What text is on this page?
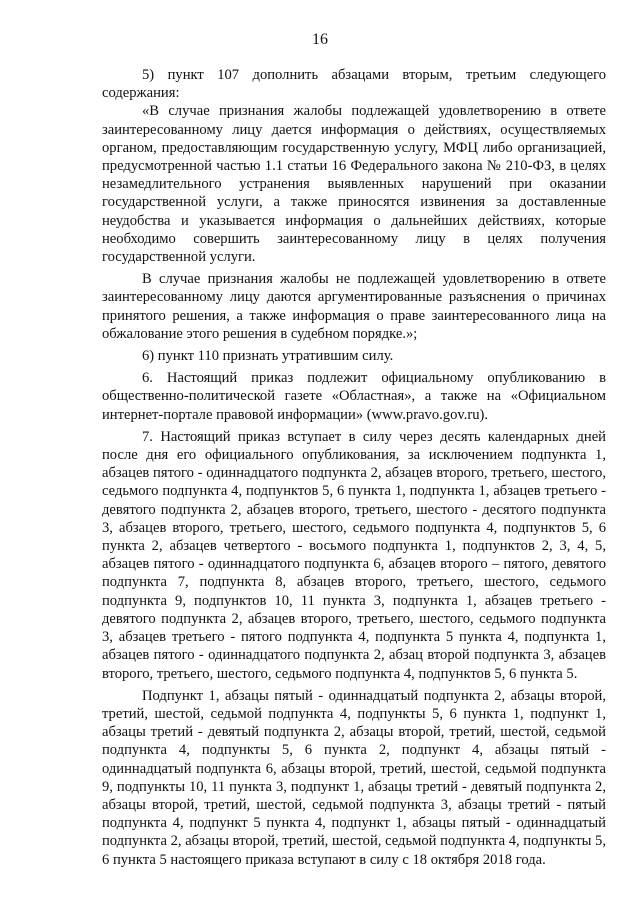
16

5) пункт 107 дополнить абзацами вторым, третьим следующего содержания:

«В случае признания жалобы подлежащей удовлетворению в ответе заинтересованному лицу дается информация о действиях, осуществляемых органом, предоставляющим государственную услугу, МФЦ либо организацией, предусмотренной частью 1.1 статьи 16 Федерального закона № 210-ФЗ, в целях незамедлительного устранения выявленных нарушений при оказании государственной услуги, а также приносятся извинения за доставленные неудобства и указывается информация о дальнейших действиях, которые необходимо совершить заинтересованному лицу в целях получения государственной услуги.

В случае признания жалобы не подлежащей удовлетворению в ответе заинтересованному лицу даются аргументированные разъяснения о причинах принятого решения, а также информация о праве заинтересованного лица на обжалование этого решения в судебном порядке.»;

6) пункт 110 признать утратившим силу.

6. Настоящий приказ подлежит официальному опубликованию в общественно-политической газете «Областная», а также на «Официальном интернет-портале правовой информации» (www.pravo.gov.ru).

7. Настоящий приказ вступает в силу через десять календарных дней после дня его официального опубликования, за исключением подпункта 1, абзацев пятого - одиннадцатого подпункта 2, абзацев второго, третьего, шестого, седьмого подпункта 4, подпунктов 5, 6 пункта 1, подпункта 1, абзацев третьего - девятого подпункта 2, абзацев второго, третьего, шестого - десятого подпункта 3, абзацев второго, третьего, шестого, седьмого подпункта 4, подпунктов 5, 6 пункта 2, абзацев четвертого - восьмого подпункта 1, подпунктов 2, 3, 4, 5, абзацев пятого - одиннадцатого подпункта 6, абзацев второго – пятого, девятого подпункта 7, подпункта 8, абзацев второго, третьего, шестого, седьмого подпункта 9, подпунктов 10, 11 пункта 3, подпункта 1, абзацев третьего - девятого подпункта 2, абзацев второго, третьего, шестого, седьмого подпункта 3, абзацев третьего - пятого подпункта 4, подпункта 5 пункта 4, подпункта 1, абзацев пятого - одиннадцатого подпункта 2, абзац второй подпункта 3, абзацев второго, третьего, шестого, седьмого подпункта 4, подпунктов 5, 6 пункта 5.

Подпункт 1, абзацы пятый - одиннадцатый подпункта 2, абзацы второй, третий, шестой, седьмой подпункта 4, подпункты 5, 6 пункта 1, подпункт 1, абзацы третий - девятый подпункта 2, абзацы второй, третий, шестой, седьмой подпункта 4, подпункты 5, 6 пункта 2, подпункт 4, абзацы пятый - одиннадцатый подпункта 6, абзацы второй, третий, шестой, седьмой подпункта 9, подпункты 10, 11 пункта 3, подпункт 1, абзацы третий - девятый подпункта 2, абзацы второй, третий, шестой, седьмой подпункта 3, абзацы третий - пятый подпункта 4, подпункт 5 пункта 4, подпункт 1, абзацы пятый - одиннадцатый подпункта 2, абзацы второй, третий, шестой, седьмой подпункта 4, подпункты 5, 6 пункта 5 настоящего приказа вступают в силу с 18 октября 2018 года.
